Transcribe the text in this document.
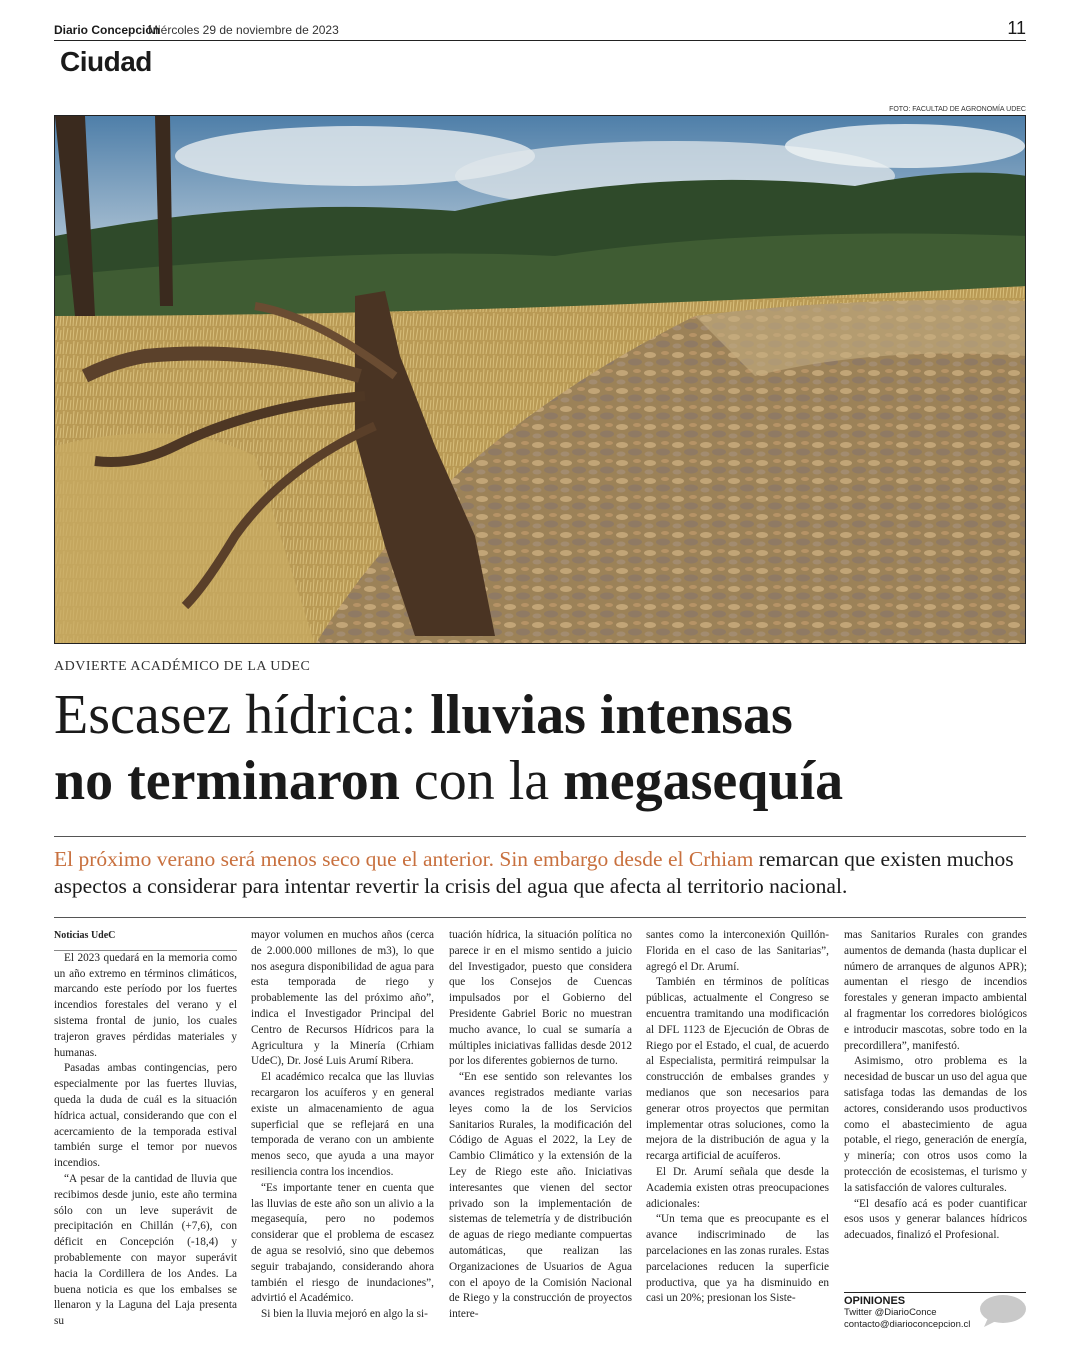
Diario Concepción
Miércoles 29 de noviembre de 2023	11
Ciudad
FOTO: FACULTAD DE AGRONOMÍA UDEC
ADVIERTE ACADÉMICO DE LA UDEC
Escasez hídrica: lluvias intensas
no terminaron con la megasequía
El próximo verano será menos seco que el anterior. Sin embargo desde el Crhiam remarcan que existen muchos aspectos a considerar para intentar revertir la crisis del agua que afecta al territorio nacional.

Noticias UdeC

El 2023 quedará en la memoria como un año extremo en términos climáticos, marcando este período por los fuertes incendios forestales del verano y el sistema frontal de junio, los cuales trajeron graves pérdidas materiales y humanas.

Pasadas ambas contingencias, pero especialmente por las fuertes lluvias, queda la duda de cuál es la situación hídrica actual, considerando que con el acercamiento de la temporada estival también surge el temor por nuevos incendios.

“A pesar de la cantidad de lluvia que recibimos desde junio, este año termina sólo con un leve superávit de precipitación en Chillán (+7,6), con déficit en Concepción (-18,4) y probablemente con mayor superávit hacia la Cordillera de los Andes. La buena noticia es que los embalses se llenaron y la Laguna del Laja presenta su

mayor volumen en muchos años (cerca de 2.000.000 millones de m3), lo que nos asegura disponibilidad de agua para esta temporada de riego y probablemente las del próximo año”, indica el Investigador Principal del Centro de Recursos Hídricos para la Agricultura y la Minería (Crhiam UdeC), Dr. José Luis Arumí Ribera.

El académico recalca que las lluvias recargaron los acuíferos y en general existe un almacenamiento de agua superficial que se reflejará en una temporada de verano con un ambiente menos seco, que ayuda a una mayor resiliencia contra los incendios.

“Es importante tener en cuenta que las lluvias de este año son un alivio a la megasequía, pero no podemos considerar que el problema de escasez de agua se resolvió, sino que debemos seguir trabajando, considerando ahora también el riesgo de inundaciones”, advirtió el Académico.

Si bien la lluvia mejoró en algo la si-

tuación hídrica, la situación política no parece ir en el mismo sentido a juicio del Investigador, puesto que considera que los Consejos de Cuencas impulsados por el Gobierno del Presidente Gabriel Boric no muestran mucho avance, lo cual se sumaría a múltiples iniciativas fallidas desde 2012 por los diferentes gobiernos de turno.

“En ese sentido son relevantes los avances registrados mediante varias leyes como la de los Servicios Sanitarios Rurales, la modificación del Código de Aguas el 2022, la Ley de Cambio Climático y la extensión de la Ley de Riego este año. Iniciativas interesantes que vienen del sector privado son la implementación de sistemas de telemetría y de distribución de aguas de riego mediante compuertas automáticas, que realizan las Organizaciones de Usuarios de Agua con el apoyo de la Comisión Nacional de Riego y la construcción de proyectos intere-

santes como la interconexión Quillón-Florida en el caso de las Sanitarias”, agregó el Dr. Arumí.

También en términos de políticas públicas, actualmente el Congreso se encuentra tramitando una modificación al DFL 1123 de Ejecución de Obras de Riego por el Estado, el cual, de acuerdo al Especialista, permitirá reimpulsar la construcción de embalses grandes y medianos que son necesarios para generar otros proyectos que permitan implementar otras soluciones, como la mejora de la distribución de agua y la recarga artificial de acuíferos.

El Dr. Arumí señala que desde la Academia existen otras preocupaciones adicionales:

“Un tema que es preocupante es el avance indiscriminado de las parcelaciones en las zonas rurales. Estas parcelaciones reducen la superficie productiva, que ya ha disminuido en casi un 20%; presionan los Siste-

mas Sanitarios Rurales con grandes aumentos de demanda (hasta duplicar el número de arranques de algunos APR); aumentan el riesgo de incendios forestales y generan impacto ambiental al fragmentar los corredores biológicos e introducir mascotas, sobre todo en la precordillera”, manifestó.

Asimismo, otro problema es la necesidad de buscar un uso del agua que satisfaga todas las demandas de los actores, considerando usos productivos como el abastecimiento de agua potable, el riego, generación de energía, y minería; con otros usos como la protección de ecosistemas, el turismo y la satisfacción de valores culturales.

“El desafío acá es poder cuantificar esos usos y generar balances hídricos adecuados, finalizó el Profesional.

OPINIONES
Twitter @DiarioConce
contacto@diarioconcepcion.cl
